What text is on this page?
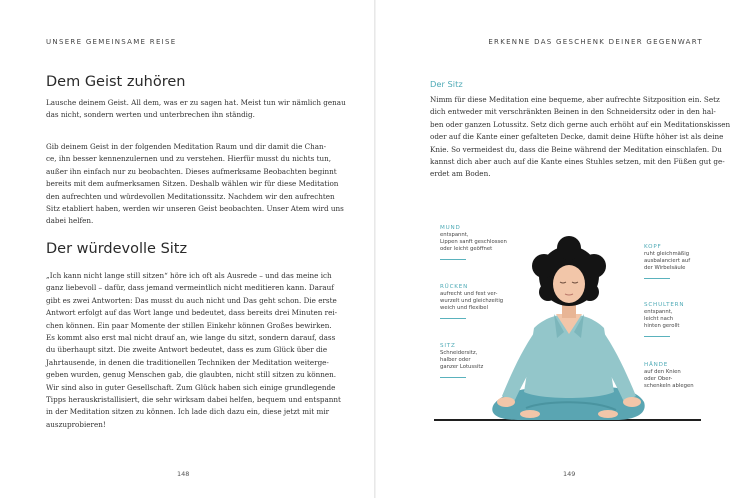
UNSERE GEMEINSAME REISE
Dem Geist zuhören
Lausche deinem Geist. All dem, was er zu sagen hat. Meist tun wir nämlich genau
das nicht, sondern werten und unterbrechen ihn ständig.
Gib deinem Geist in der folgenden Meditation Raum und dir damit die Chan-
ce, ihn besser kennenzulernen und zu verstehen. Hierfür musst du nichts tun,
außer ihn einfach nur zu beobachten. Dieses aufmerksame Beobachten beginnt
bereits mit dem aufmerksamen Sitzen. Deshalb wählen wir für diese Meditation
den aufrechten und würdevollen Meditationssitz. Nachdem wir den aufrechten
Sitz etabliert haben, werden wir unseren Geist beobachten. Unser Atem wird uns
dabei helfen.
Der würdevolle Sitz
„Ich kann nicht lange still sitzen“ höre ich oft als Ausrede – und das meine ich
ganz liebevoll – dafür, dass jemand vermeintlich nicht meditieren kann. Darauf
gibt es zwei Antworten: Das musst du auch nicht und Das geht schon. Die erste
Antwort erfolgt auf das Wort lange und bedeutet, dass bereits drei Minuten rei-
chen können. Ein paar Momente der stillen Einkehr können Großes bewirken.
Es kommt also erst mal nicht drauf an, wie lange du sitzt, sondern darauf, dass
du überhaupt sitzt. Die zweite Antwort bedeutet, dass es zum Glück über die
Jahrtausende, in denen die traditionellen Techniken der Meditation weiterge-
geben wurden, genug Menschen gab, die glaubten, nicht still sitzen zu können.
Wir sind also in guter Gesellschaft. Zum Glück haben sich einige grundlegende
Tipps herauskristallisiert, die sehr wirksam dabei helfen, bequem und entspannt
in der Meditation sitzen zu können. Ich lade dich dazu ein, diese jetzt mit mir
auszuprobieren!
148
ERKENNE DAS GESCHENK DEINER GEGENWART
Der Sitz
Nimm für diese Meditation eine bequeme, aber aufrechte Sitzposition ein. Setz
dich entweder mit verschränkten Beinen in den Schneidersitz oder in den hal-
ben oder ganzen Lotussitz. Setz dich gerne auch erhöht auf ein Meditationskissen
oder auf die Kante einer gefalteten Decke, damit deine Hüfte höher ist als deine
Knie. So vermeidest du, dass die Beine während der Meditation einschlafen. Du
kannst dich aber auch auf die Kante eines Stuhles setzen, mit den Füßen gut ge-
erdet am Boden.
MUND
entspannt,
Lippen sanft geschlossen
oder leicht geöffnet
RÜCKEN
aufrecht und fest ver-
wurzelt und gleichzeitig
weich und flexibel
SITZ
Schneidersitz,
halber oder
ganzer Lotussitz
KOPF
ruht gleichmäßig
ausbalanciert auf
der Wirbelsäule
SCHULTERN
entspannt,
leicht nach
hinten gerollt
HÄNDE
auf den Knien
oder Ober-
schenkeln ablegen
149
